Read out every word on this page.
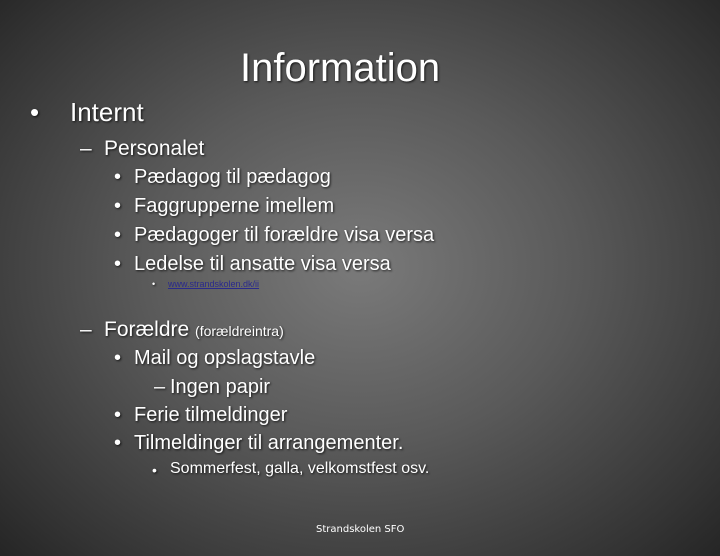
Information
• Internt
– Personalet
• Pædagog til pædagog
• Faggrupperne imellem
• Pædagoger til forældre visa versa
• Ledelse til ansatte visa versa
• www.strandskolen.dk/ii
– Forældre (forældreintra)
• Mail og opslagstavle
– Ingen papir
• Ferie tilmeldinger
• Tilmeldinger til arrangementer.
• Sommerfest, galla, velkomstfest osv.
Strandskolen SFO
